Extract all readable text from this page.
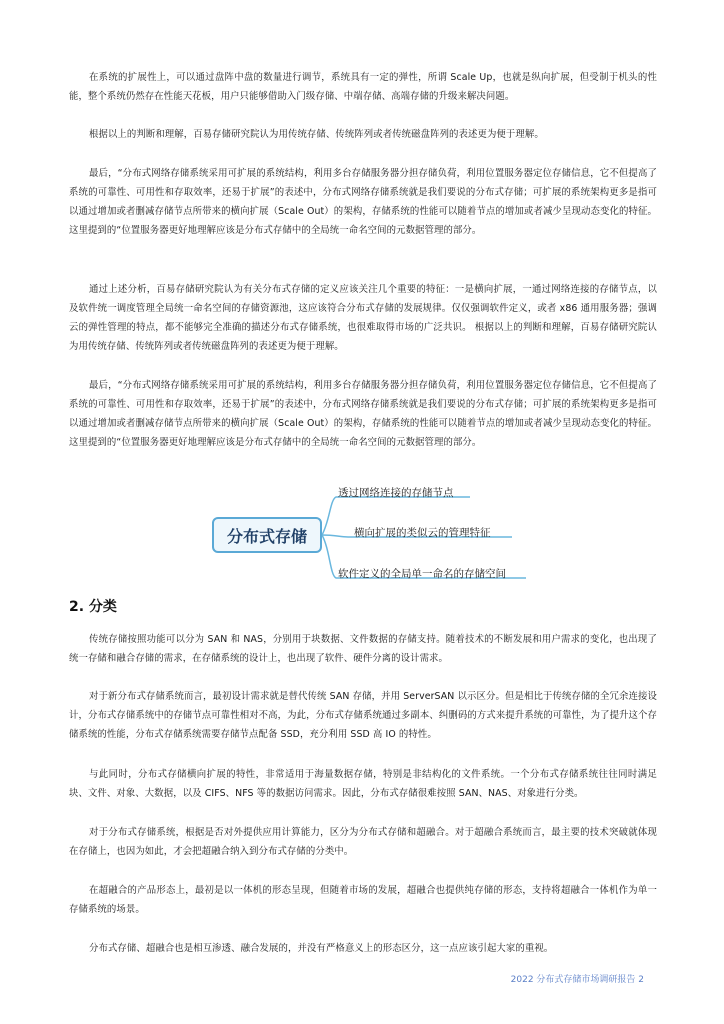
在系统的扩展性上，可以通过盘阵中盘的数量进行调节，系统具有一定的弹性，所谓 Scale Up，也就是纵向扩展，但受制于机头的性能，整个系统仍然存在性能天花板，用户只能够借助入门级存储、中端存储、高端存储的升级来解决问题。

根据以上的判断和理解，百易存储研究院认为用传统存储、传统阵列或者传统磁盘阵列的表述更为便于理解。

最后，“分布式网络存储系统采用可扩展的系统结构，利用多台存储服务器分担存储负荷，利用位置服务器定位存储信息，它不但提高了系统的可靠性、可用性和存取效率，还易于扩展”的表述中，分布式网络存储系统就是我们要说的分布式存储；可扩展的系统架构更多是指可以通过增加或者删减存储节点所带来的横向扩展（Scale Out）的架构，存储系统的性能可以随着节点的增加或者减少呈现动态变化的特征。这里提到的“位置服务器更好地理解应该是分布式存储中的全局统一命名空间的元数据管理的部分。

通过上述分析，百易存储研究院认为有关分布式存储的定义应该关注几个重要的特征：一是横向扩展，一通过网络连接的存储节点，以及软件统一调度管理全局统一命名空间的存储资源池，这应该符合分布式存储的发展规律。仅仅强调软件定义，或者 x86 通用服务器；强调云的弹性管理的特点，都不能够完全准确的描述分布式存储系统，也很难取得市场的广泛共识。 根据以上的判断和理解，百易存储研究院认为用传统存储、传统阵列或者传统磁盘阵列的表述更为便于理解。

最后，“分布式网络存储系统采用可扩展的系统结构，利用多台存储服务器分担存储负荷，利用位置服务器定位存储信息，它不但提高了系统的可靠性、可用性和存取效率，还易于扩展”的表述中，分布式网络存储系统就是我们要说的分布式存储；可扩展的系统架构更多是指可以通过增加或者删减存储节点所带来的横向扩展（Scale Out）的架构，存储系统的性能可以随着节点的增加或者减少呈现动态变化的特征。这里提到的“位置服务器更好地理解应该是分布式存储中的全局统一命名空间的元数据管理的部分。

分布式存储
透过网络连接的存储节点
横向扩展的类似云的管理特征
软件定义的全局单一命名的存储空间
2. 分类

传统存储按照功能可以分为 SAN 和 NAS，分别用于块数据、文件数据的存储支持。随着技术的不断发展和用户需求的变化，也出现了统一存储和融合存储的需求，在存储系统的设计上，也出现了软件、硬件分离的设计需求。

对于新分布式存储系统而言，最初设计需求就是替代传统 SAN 存储，并用 ServerSAN 以示区分。但是相比于传统存储的全冗余连接设计，分布式存储系统中的存储节点可靠性相对不高，为此，分布式存储系统通过多副本、纠删码的方式来提升系统的可靠性，为了提升这个存储系统的性能，分布式存储系统需要存储节点配备 SSD，充分利用 SSD 高 IO 的特性。

与此同时，分布式存储横向扩展的特性，非常适用于海量数据存储，特别是非结构化的文件系统。一个分布式存储系统往往同时满足块、文件、对象、大数据，以及 CIFS、NFS 等的数据访问需求。因此，分布式存储很难按照 SAN、NAS、对象进行分类。

对于分布式存储系统，根据是否对外提供应用计算能力，区分为分布式存储和超融合。对于超融合系统而言，最主要的技术突破就体现在存储上，也因为如此，才会把超融合纳入到分布式存储的分类中。

在超融合的产品形态上，最初是以一体机的形态呈现，但随着市场的发展，超融合也提供纯存储的形态，支持将超融合一体机作为单一存储系统的场景。

分布式存储、超融合也是相互渗透、融合发展的，并没有严格意义上的形态区分，这一点应该引起大家的重视。

2022 分布式存储市场调研报告 2
